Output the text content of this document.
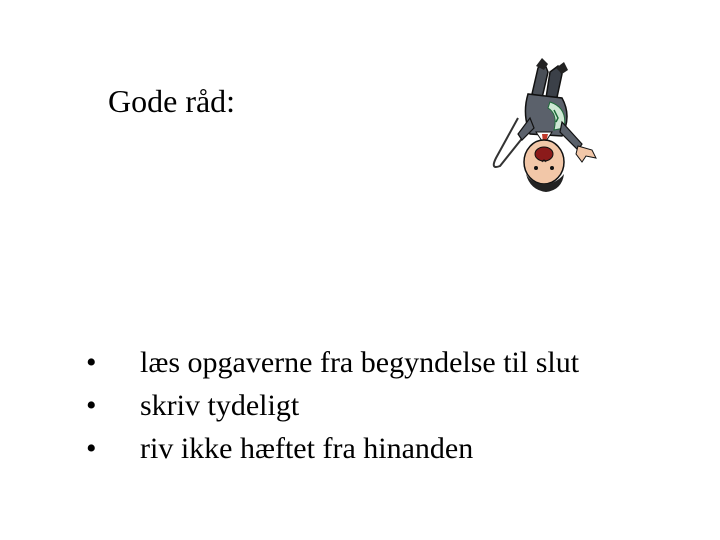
Gode råd:
•	læs opgaverne fra begyndelse til slut
•	skriv tydeligt
•	riv ikke hæftet fra hinanden
